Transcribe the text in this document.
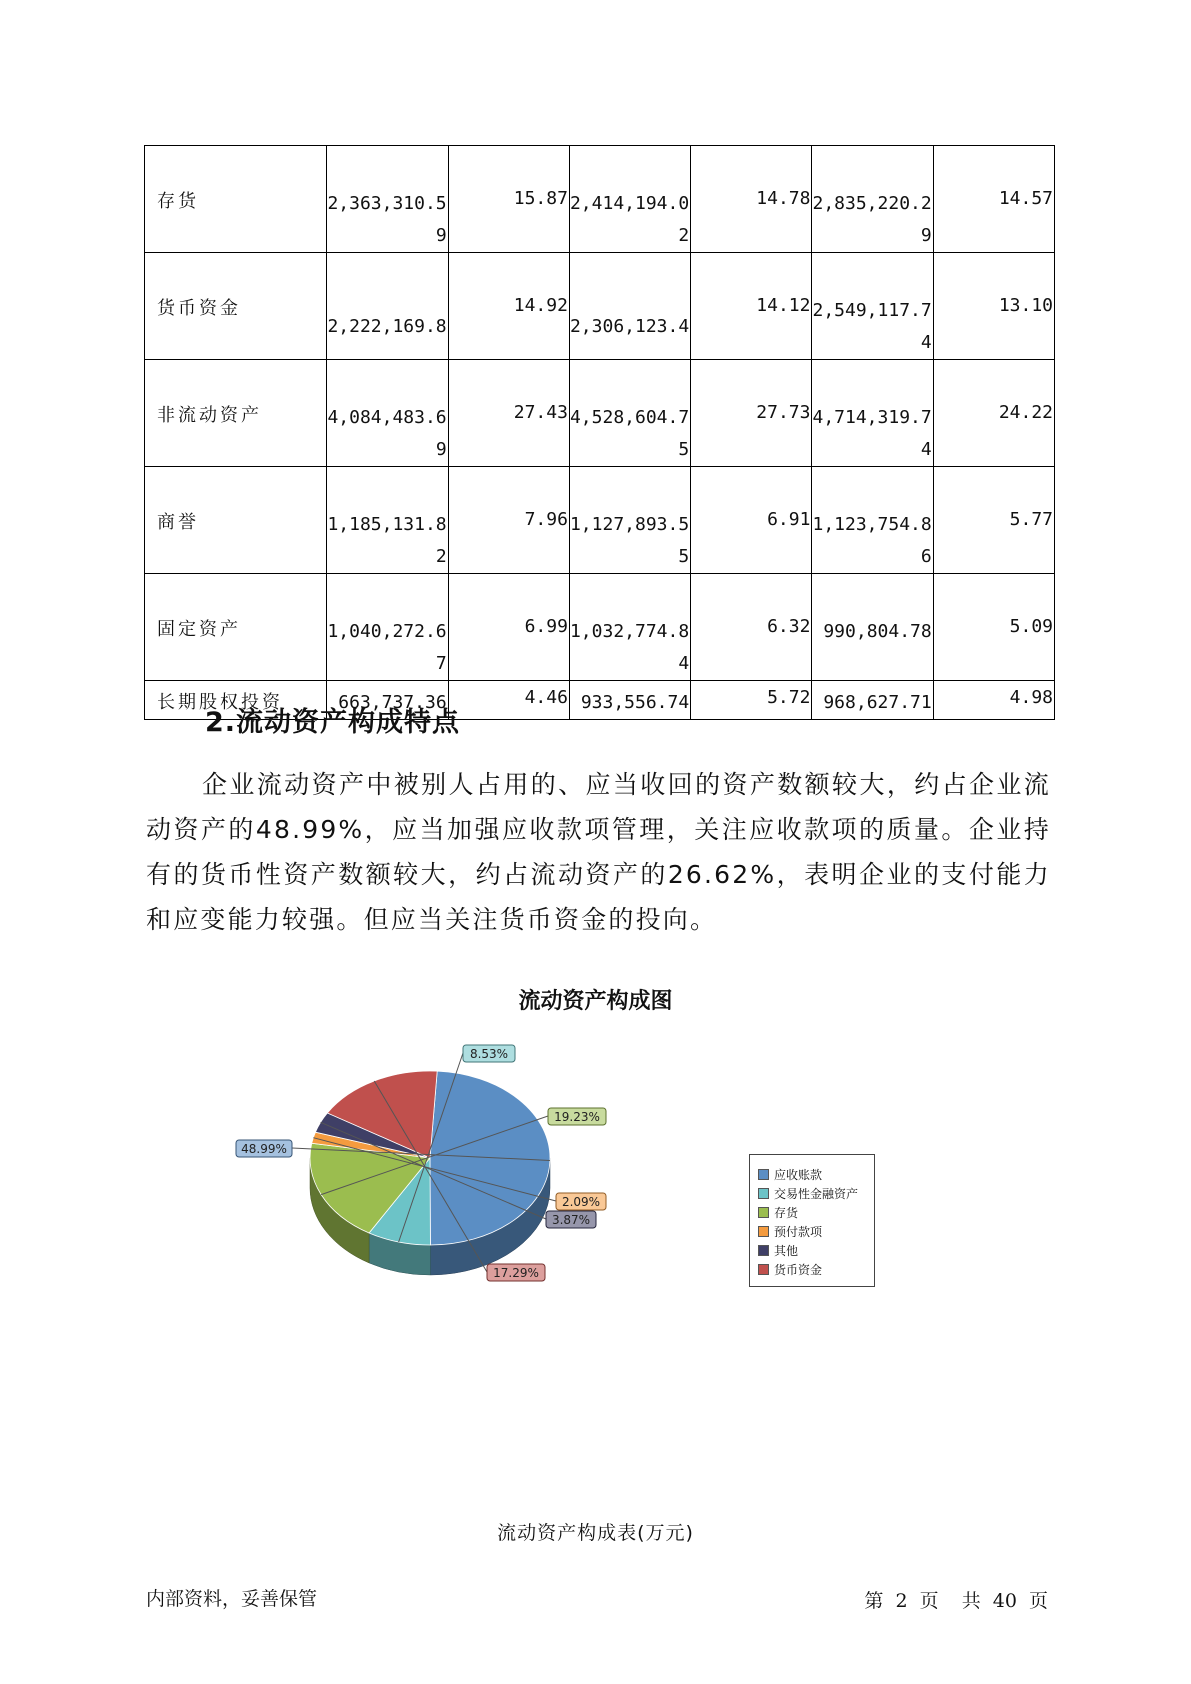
存货	2,363,310.59	15.87	2,414,194.02	14.78	2,835,220.29	14.57

货币资金	2,222,169.8	14.92	2,306,123.4	14.12	2,549,117.74	13.10

非流动资产	4,084,483.69	27.43	4,528,604.75	27.73	4,714,319.74	24.22

商誉	1,185,131.82	7.96	1,127,893.55	6.91	1,123,754.86	5.77

固定资产	1,040,272.67	6.99	1,032,774.84	6.32	990,804.78	5.09

长期股权投资	663,737.36	4.46	933,556.74	5.72	968,627.71	4.98
2.流动资产构成特点
企业流动资产中被别人占用的、应当收回的资产数额较大，约占企业流动资产的48.99%，应当加强应收款项管理，关注应收款项的质量。企业持有的货币性资产数额较大，约占流动资产的26.62%，表明企业的支付能力和应变能力较强。但应当关注货币资金的投向。
流动资产构成图
48.99%
8.53%
19.23%
2.09%
3.87%
17.29%
应收账款
交易性金融资产
存货
预付款项
其他
货币资金
流动资产构成表(万元)
内部资料，妥善保管	第 2 页 共 40 页
